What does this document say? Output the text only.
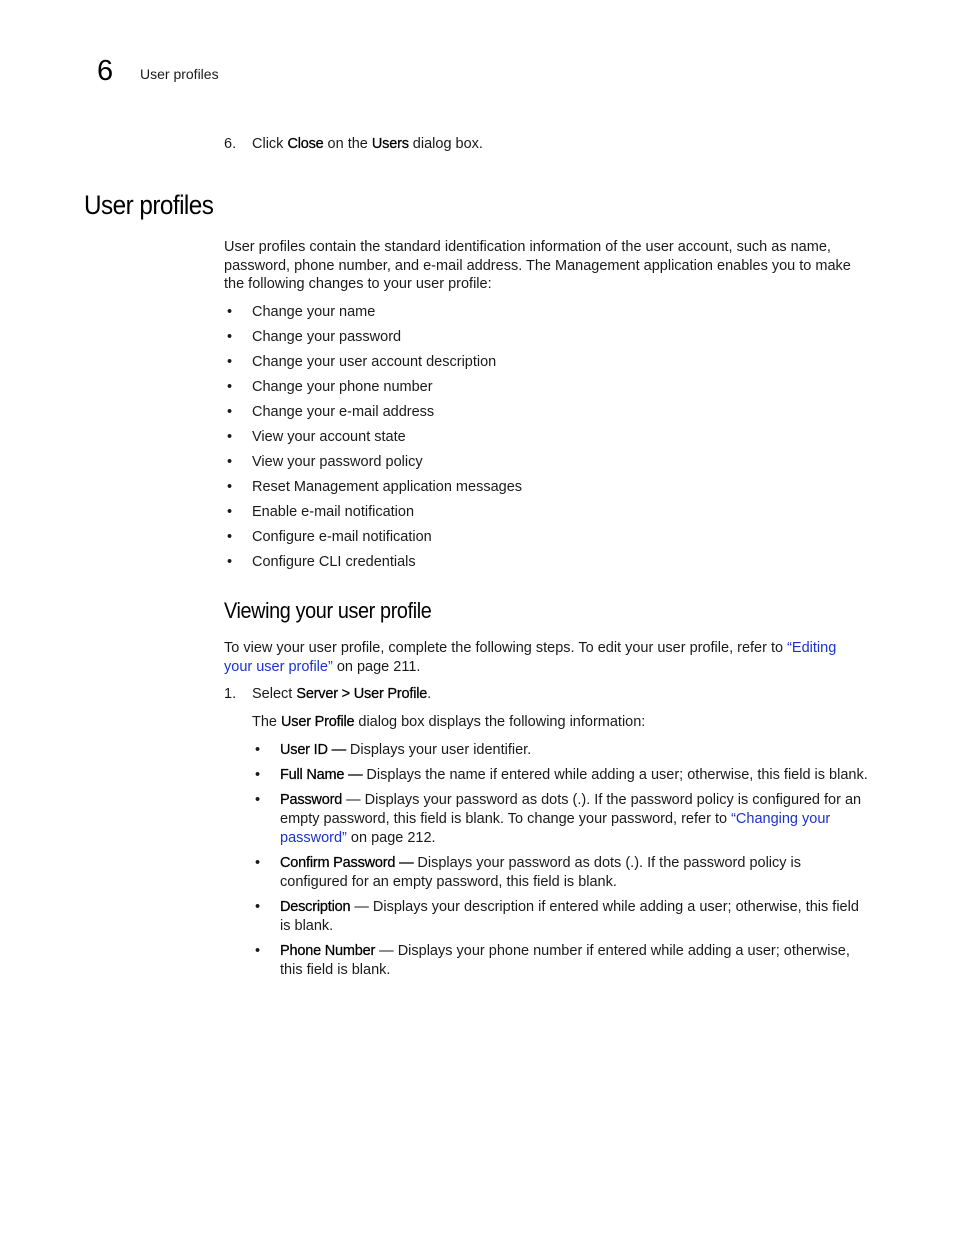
6 User profiles
6. Click Close on the Users dialog box.
User profiles

User profiles contain the standard identification information of the user account, such as name, password, phone number, and e-mail address. The Management application enables you to make the following changes to your user profile:

• Change your name
• Change your password
• Change your user account description
• Change your phone number
• Change your e-mail address
• View your account state
• View your password policy
• Reset Management application messages
• Enable e-mail notification
• Configure e-mail notification
• Configure CLI credentials
Viewing your user profile

To view your user profile, complete the following steps. To edit your user profile, refer to “Editing your user profile” on page 211.

1. Select Server > User Profile.
The User Profile dialog box displays the following information:
• User ID — Displays your user identifier.
• Full Name — Displays the name if entered while adding a user; otherwise, this field is blank.
• Password — Displays your password as dots (.). If the password policy is configured for an empty password, this field is blank. To change your password, refer to “Changing your password” on page 212.
• Confirm Password — Displays your password as dots (.). If the password policy is configured for an empty password, this field is blank.
• Description — Displays your description if entered while adding a user; otherwise, this field is blank.
• Phone Number — Displays your phone number if entered while adding a user; otherwise, this field is blank.
